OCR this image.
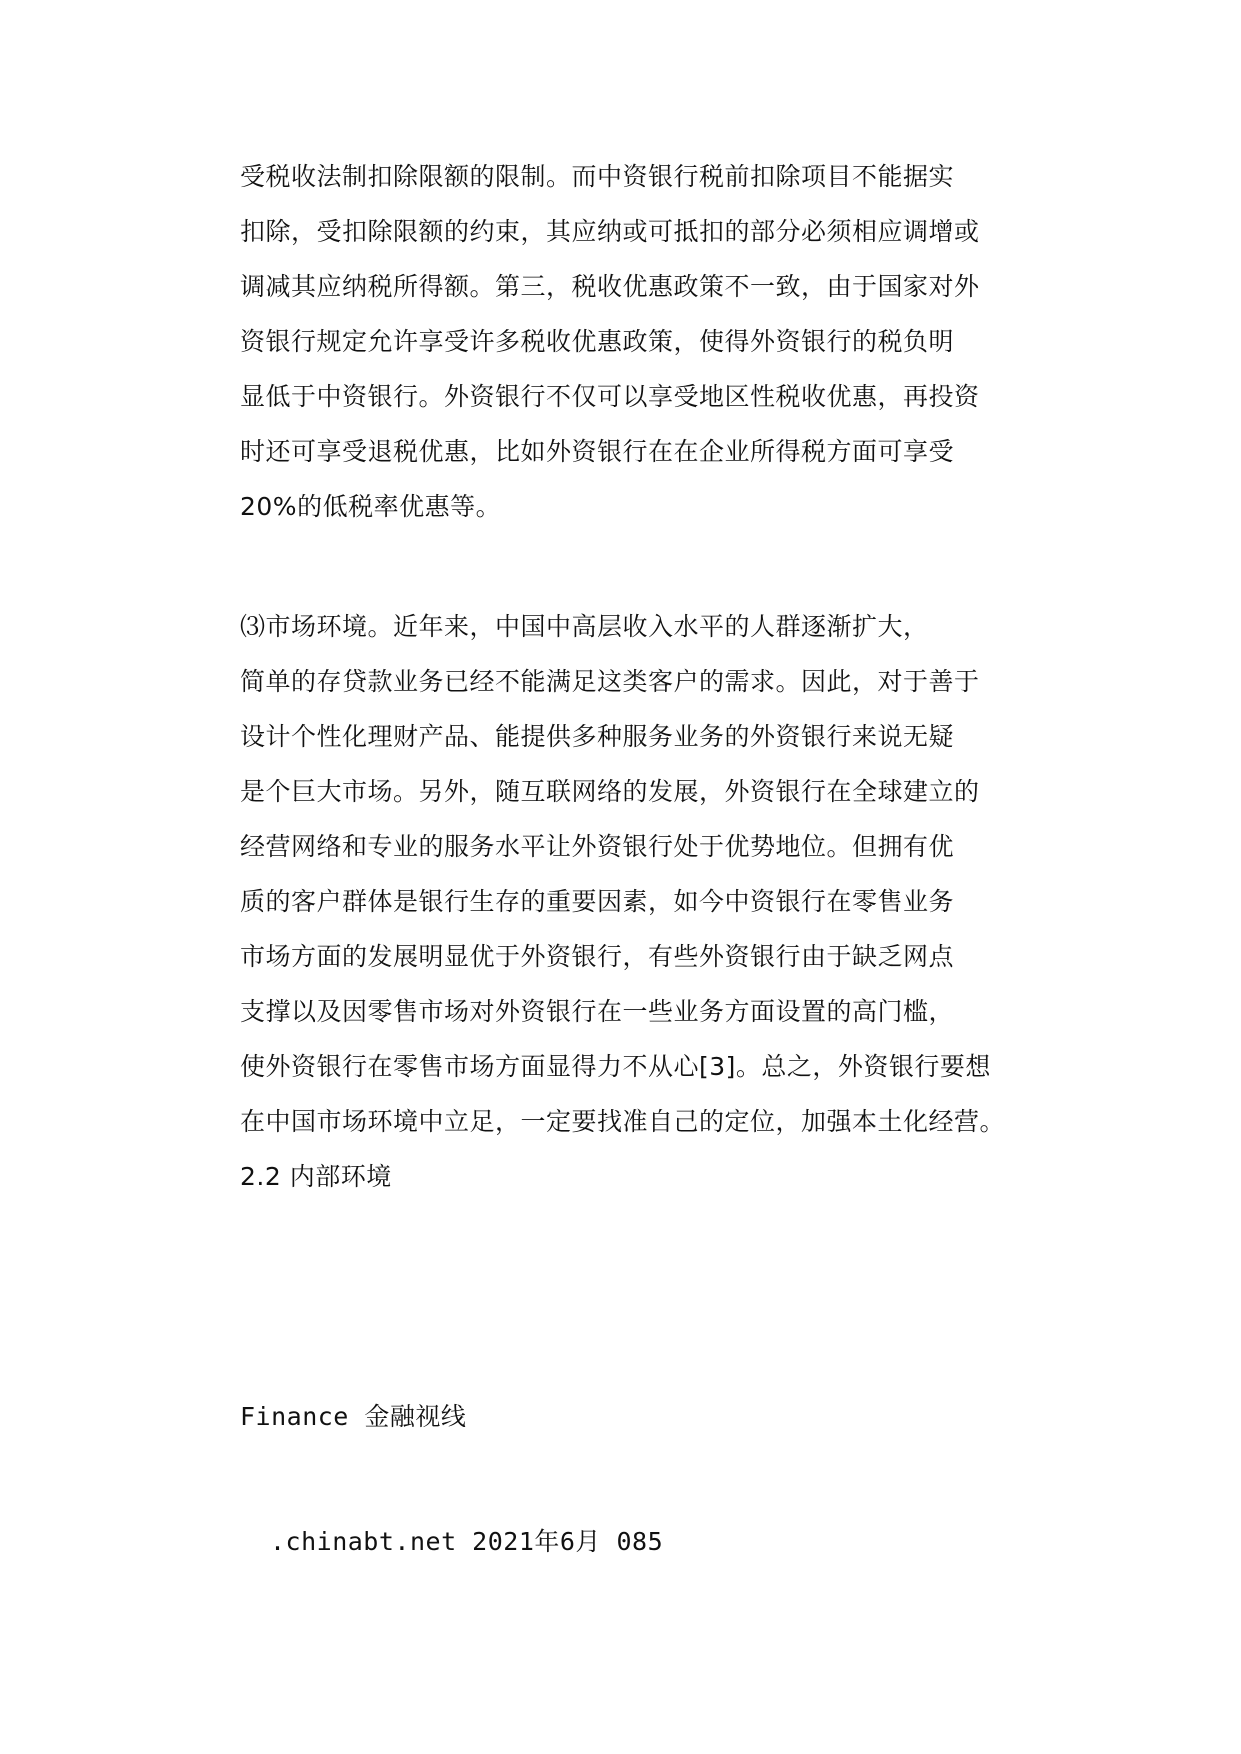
受税收法制扣除限额的限制。而中资银行税前扣除项目不能据实
扣除，受扣除限额的约束，其应纳或可抵扣的部分必须相应调增或
调减其应纳税所得额。第三，税收优惠政策不一致，由于国家对外
资银行规定允许享受许多税收优惠政策，使得外资银行的税负明
显低于中资银行。外资银行不仅可以享受地区性税收优惠，再投资
时还可享受退税优惠，比如外资银行在在企业所得税方面可享受
20%的低税率优惠等。
⑶市场环境。近年来，中国中高层收入水平的人群逐渐扩大，
简单的存贷款业务已经不能满足这类客户的需求。因此，对于善于
设计个性化理财产品、能提供多种服务业务的外资银行来说无疑
是个巨大市场。另外，随互联网络的发展，外资银行在全球建立的
经营网络和专业的服务水平让外资银行处于优势地位。但拥有优
质的客户群体是银行生存的重要因素，如今中资银行在零售业务
市场方面的发展明显优于外资银行，有些外资银行由于缺乏网点
支撑以及因零售市场对外资银行在一些业务方面设置的高门槛，
使外资银行在零售市场方面显得力不从心[3]。总之，外资银行要想
在中国市场环境中立足，一定要找准自己的定位，加强本土化经营。
2.2 内部环境
Finance 金融视线
.chinabt.net 2021年6月 085
